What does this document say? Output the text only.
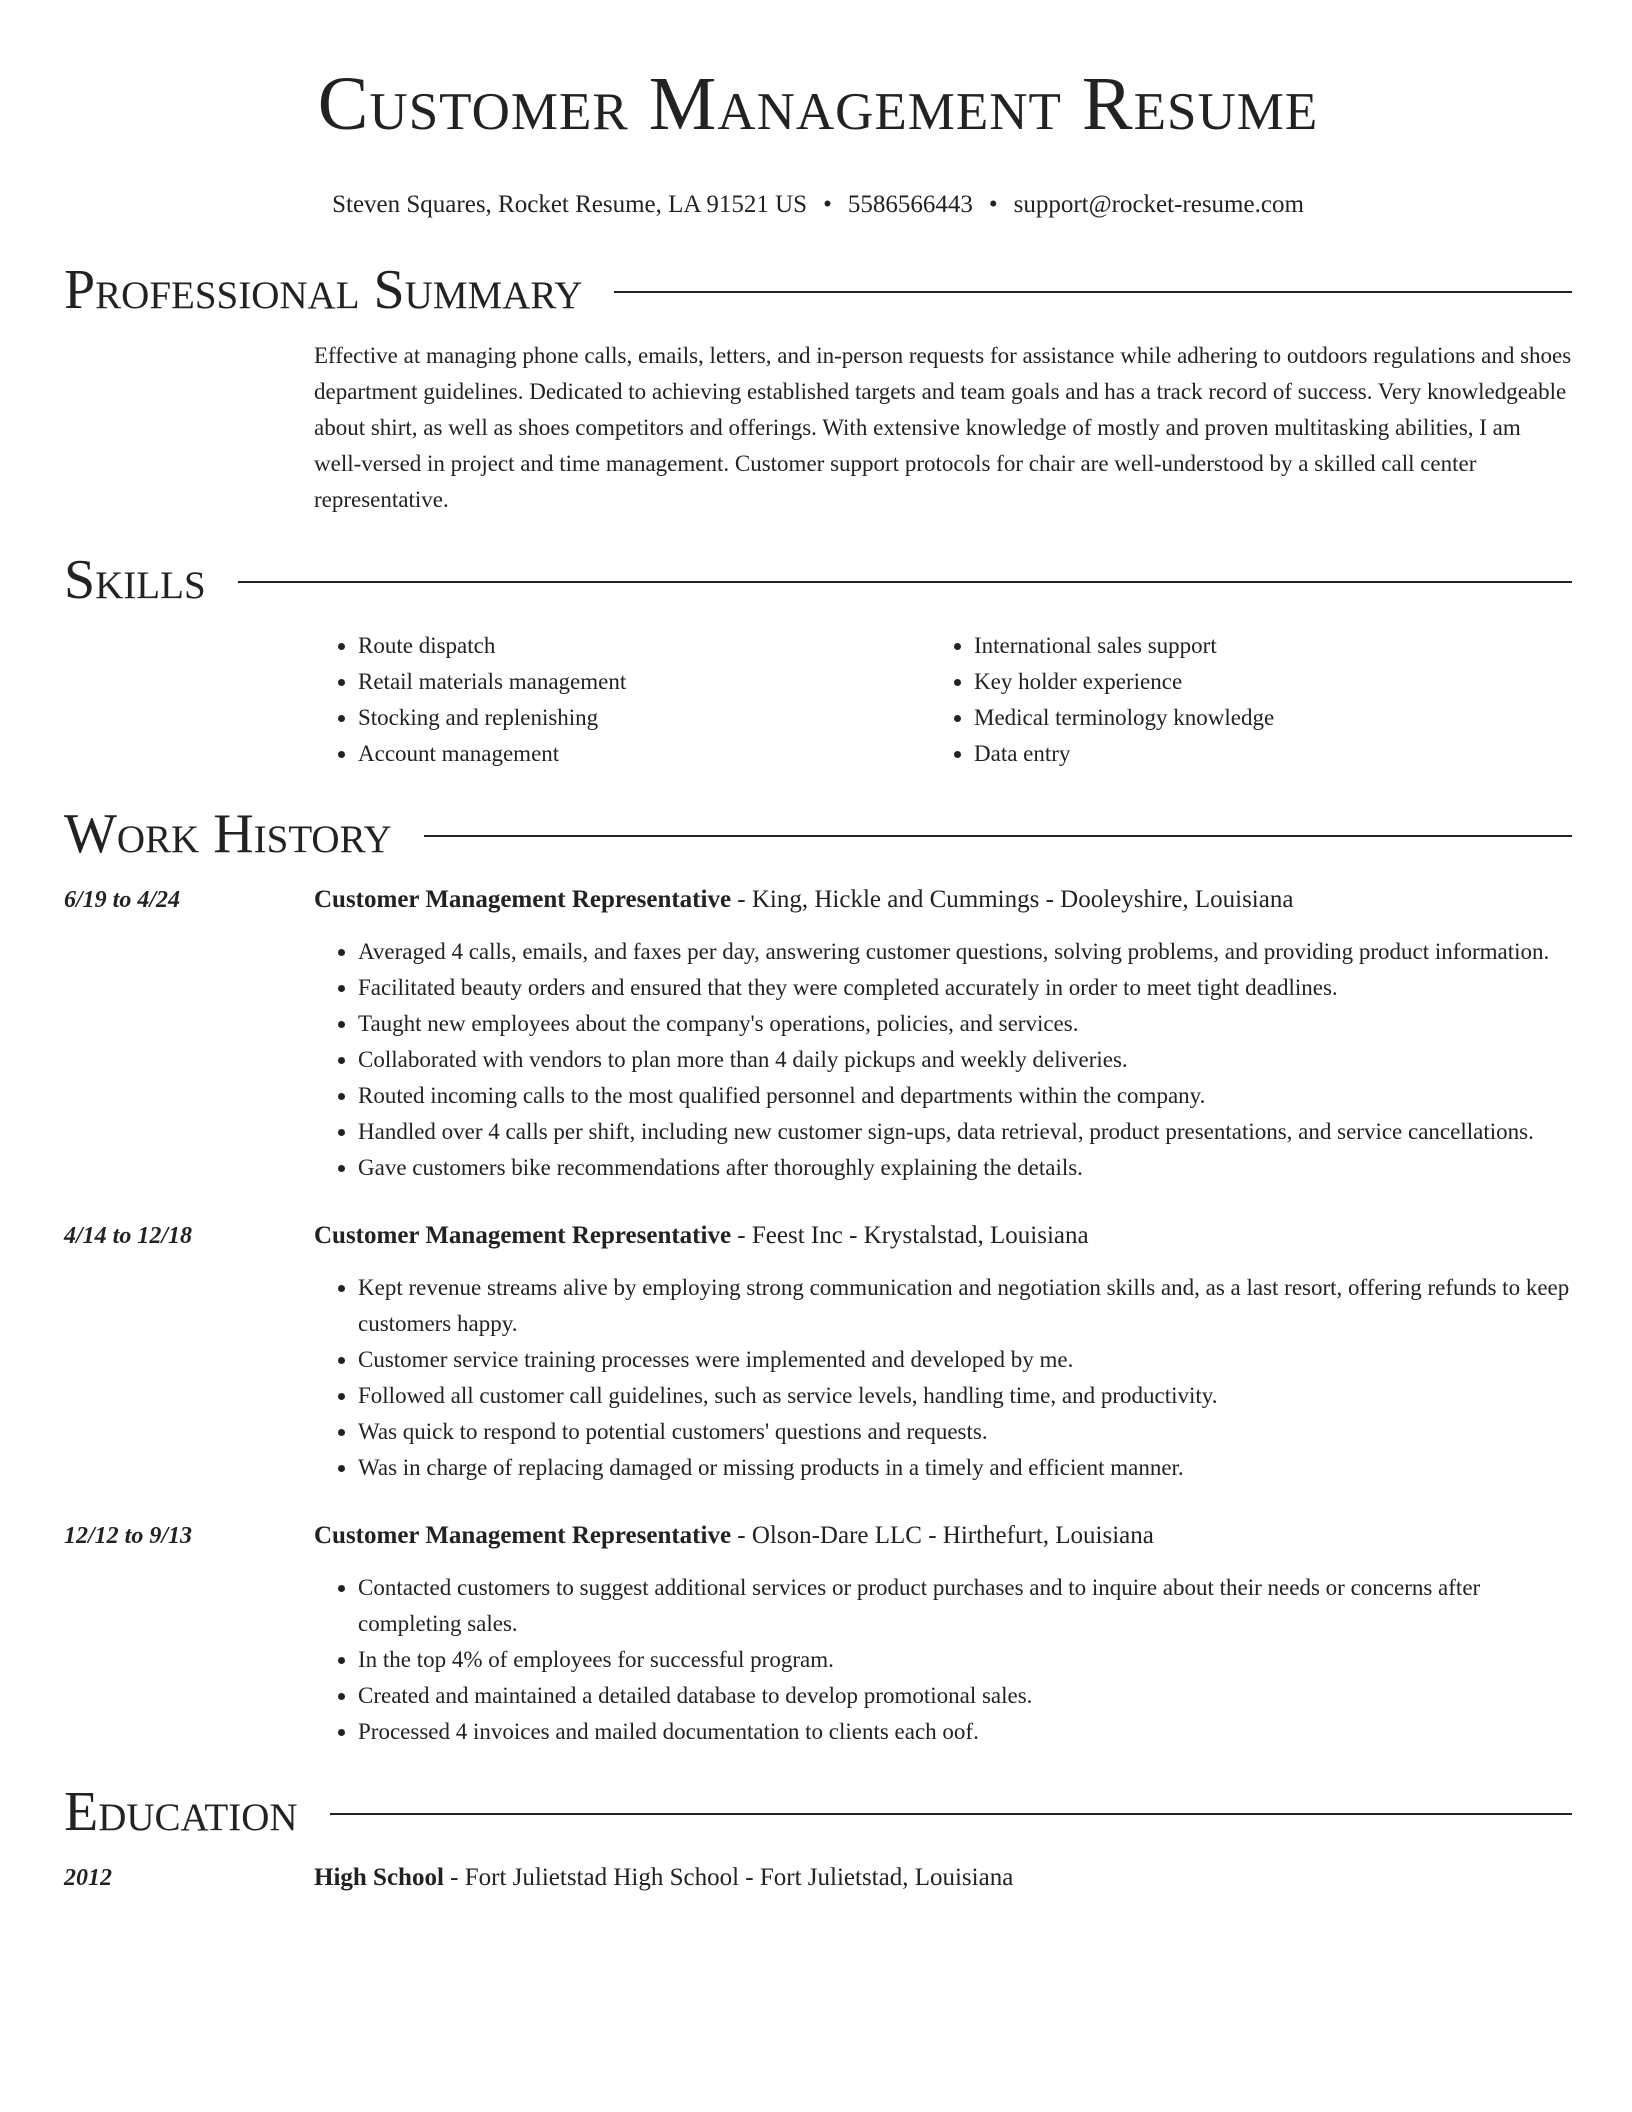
Customer Management Resume
Steven Squares, Rocket Resume, LA 91521 US • 5586566443 • support@rocket-resume.com
Professional Summary

Effective at managing phone calls, emails, letters, and in-person requests for assistance while adhering to outdoors regulations and shoes department guidelines. Dedicated to achieving established targets and team goals and has a track record of success. Very knowledgeable about shirt, as well as shoes competitors and offerings. With extensive knowledge of mostly and proven multitasking abilities, I am well-versed in project and time management. Customer support protocols for chair are well-understood by a skilled call center representative.

Skills
• Route dispatch
• Retail materials management
• Stocking and replenishing
• Account management
• International sales support
• Key holder experience
• Medical terminology knowledge
• Data entry
Work History
6/19 to 4/24	Customer Management Representative - King, Hickle and Cummings - Dooleyshire, Louisiana
• Averaged 4 calls, emails, and faxes per day, answering customer questions, solving problems, and providing product information.
• Facilitated beauty orders and ensured that they were completed accurately in order to meet tight deadlines.
• Taught new employees about the company's operations, policies, and services.
• Collaborated with vendors to plan more than 4 daily pickups and weekly deliveries.
• Routed incoming calls to the most qualified personnel and departments within the company.
• Handled over 4 calls per shift, including new customer sign-ups, data retrieval, product presentations, and service cancellations.
• Gave customers bike recommendations after thoroughly explaining the details.
4/14 to 12/18	Customer Management Representative - Feest Inc - Krystalstad, Louisiana
• Kept revenue streams alive by employing strong communication and negotiation skills and, as a last resort, offering refunds to keep customers happy.
• Customer service training processes were implemented and developed by me.
• Followed all customer call guidelines, such as service levels, handling time, and productivity.
• Was quick to respond to potential customers' questions and requests.
• Was in charge of replacing damaged or missing products in a timely and efficient manner.
12/12 to 9/13	Customer Management Representative - Olson-Dare LLC - Hirthefurt, Louisiana
• Contacted customers to suggest additional services or product purchases and to inquire about their needs or concerns after completing sales.
• In the top 4% of employees for successful program.
• Created and maintained a detailed database to develop promotional sales.
• Processed 4 invoices and mailed documentation to clients each oof.
Education
2012	High School - Fort Julietstad High School - Fort Julietstad, Louisiana
